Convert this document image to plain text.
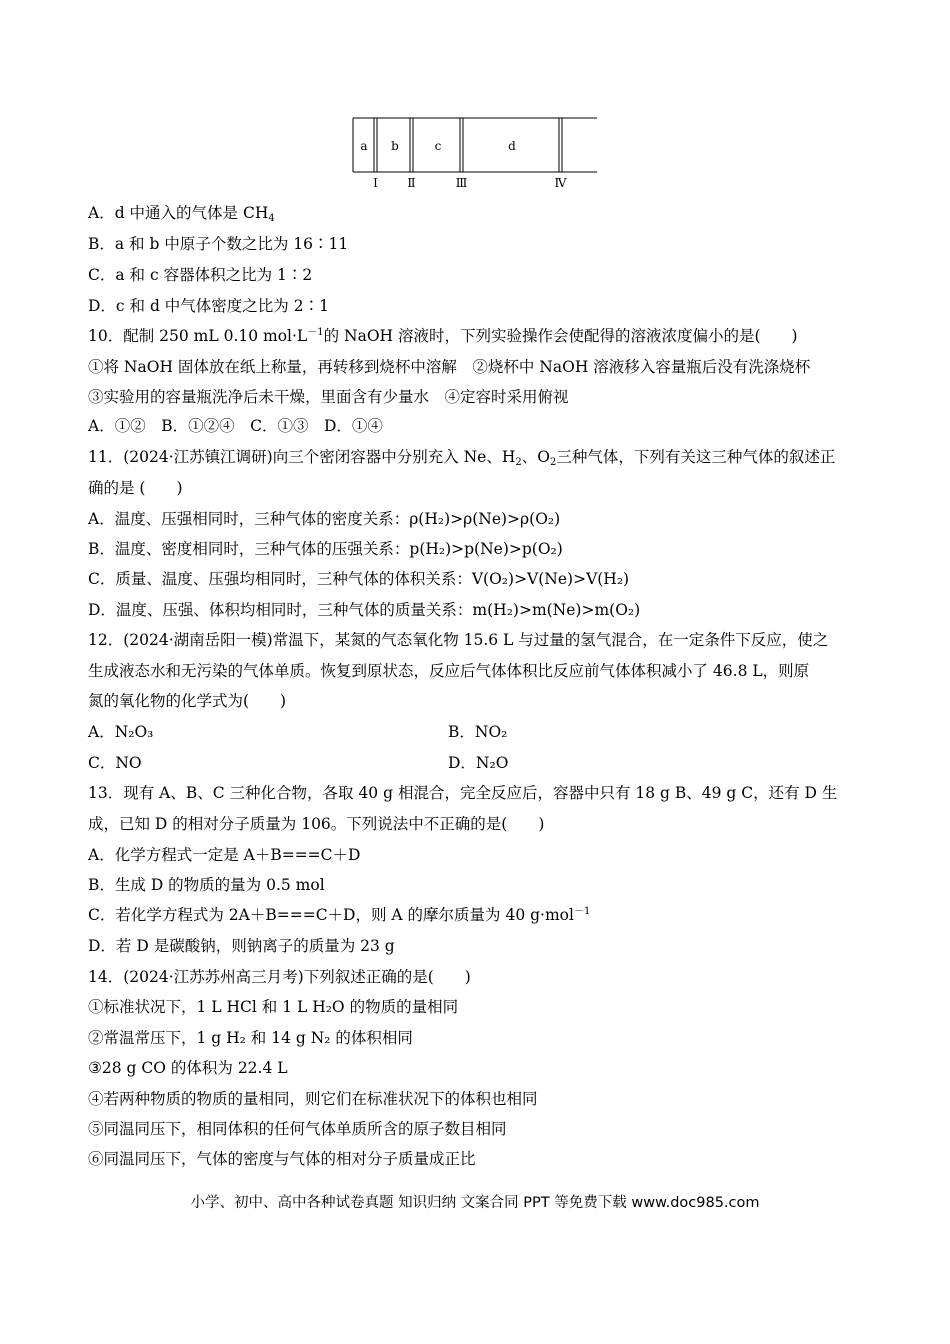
a b	c	d
Ⅰ Ⅱ	Ⅲ	Ⅳ
A．d 中通入的气体是 $CH_4$
B．a 和 b 中原子个数之比为 16∶11
C．a 和 c 容器体积之比为 1∶2
D．c 和 d 中气体密度之比为 2∶1
10．配制 250 mL 0.10 $mol\cdot L^{-1}$的 NaOH 溶液时，下列实验操作会使配得的溶液浓度偏小的是(　　)
①将 NaOH 固体放在纸上称量，再转移到烧杯中溶解　②烧杯中 NaOH 溶液移入容量瓶后没有洗涤烧杯
③实验用的容量瓶洗净后未干燥，里面含有少量水　④定容时采用俯视
A．①②　B．①②④　C．①③　D．①④
11．(2024·江苏镇江调研)向三个密闭容器中分别充入 Ne、$H_2$、$O_2$三种气体，下列有关这三种气体的叙述正
确的是 (　　)
A．温度、压强相同时，三种气体的密度关系：ρ(H₂)>ρ(Ne)>ρ(O₂)
B．温度、密度相同时，三种气体的压强关系：p(H₂)>p(Ne)>p(O₂)
C．质量、温度、压强均相同时，三种气体的体积关系：V(O₂)>V(Ne)>V(H₂)
D．温度、压强、体积均相同时，三种气体的质量关系：m(H₂)>m(Ne)>m(O₂)
12．(2024·湖南岳阳一模)常温下，某氮的气态氧化物 15.6 L 与过量的氢气混合，在一定条件下反应，使之
生成液态水和无污染的气体单质。恢复到原状态，反应后气体体积比反应前气体体积减小了 46.8 L，则原
氮的氧化物的化学式为(　　)
A．N₂O₃	B．NO₂
C．NO	D．N₂O
13．现有 A、B、C 三种化合物，各取 40 g 相混合，完全反应后，容器中只有 18 g B、49 g C，还有 D 生
成，已知 D 的相对分子质量为 106。下列说法中不正确的是(　　)
A．化学方程式一定是 A＋B===C＋D
B．生成 D 的物质的量为 0.5 mol
C．若化学方程式为 2A＋B===C＋D，则 A 的摩尔质量为 40 g·mol$^{-1}$
D．若 D 是碳酸钠，则钠离子的质量为 23 g
14．(2024·江苏苏州高三月考)下列叙述正确的是(　　)
①标准状况下，1 L HCl 和 1 L H₂O 的物质的量相同
②常温常压下，1 g H₂ 和 14 g N₂ 的体积相同
③28 g CO 的体积为 22.4 L
④若两种物质的物质的量相同，则它们在标准状况下的体积也相同
⑤同温同压下，相同体积的任何气体单质所含的原子数目相同
⑥同温同压下，气体的密度与气体的相对分子质量成正比
小学、初中、高中各种试卷真题 知识归纳 文案合同 PPT 等免费下载 www.doc985.com
